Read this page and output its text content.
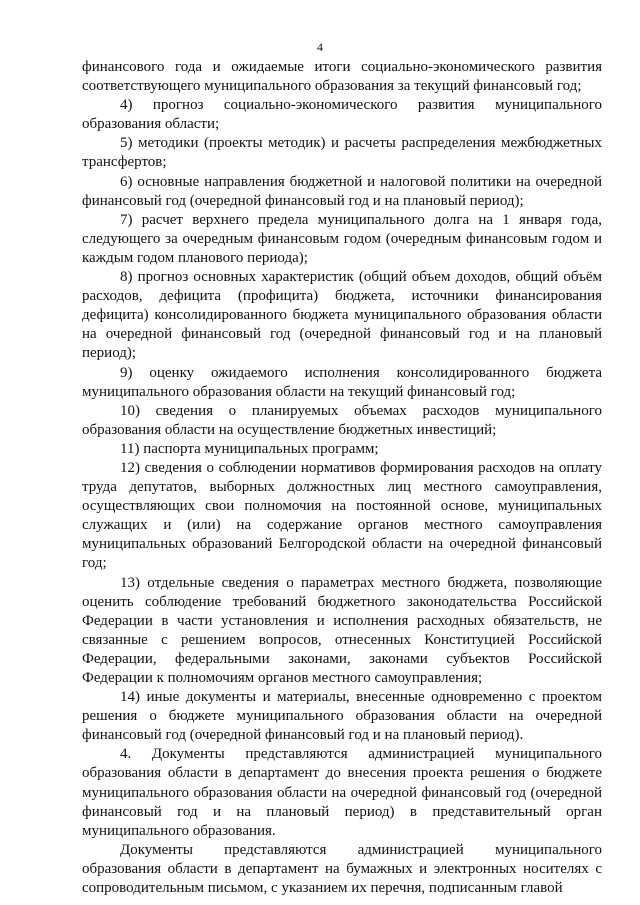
4

финансового года и ожидаемые итоги социально-экономического развития соответствующего муниципального образования за текущий финансовый год;

4) прогноз социально-экономического развития муниципального образования области;

5) методики (проекты методик) и расчеты распределения межбюджетных трансфертов;

6) основные направления бюджетной и налоговой политики на очередной финансовый год (очередной финансовый год и на плановый период);

7) расчет верхнего предела муниципального долга на 1 января года, следующего за очередным финансовым годом (очередным финансовым годом и каждым годом планового периода);

8) прогноз основных характеристик (общий объем доходов, общий объём расходов, дефицита (профицита) бюджета, источники финансирования дефицита) консолидированного бюджета муниципального образования области на очередной финансовый год (очередной финансовый год и на плановый период);

9) оценку ожидаемого исполнения консолидированного бюджета муниципального образования области на текущий финансовый год;

10) сведения о планируемых объемах расходов муниципального образования области на осуществление бюджетных инвестиций;

11) паспорта муниципальных программ;

12) сведения о соблюдении нормативов формирования расходов на оплату труда депутатов, выборных должностных лиц местного самоуправления, осуществляющих свои полномочия на постоянной основе, муниципальных служащих и (или) на содержание органов местного самоуправления муниципальных образований Белгородской области на очередной финансовый год;

13) отдельные сведения о параметрах местного бюджета, позволяющие оценить соблюдение требований бюджетного законодательства Российской Федерации в части установления и исполнения расходных обязательств, не связанные с решением вопросов, отнесенных Конституцией Российской Федерации, федеральными законами, законами субъектов Российской Федерации к полномочиям органов местного самоуправления;

14) иные документы и материалы, внесенные одновременно с проектом решения о бюджете муниципального образования области на очередной финансовый год (очередной финансовый год и на плановый период).

4. Документы представляются администрацией муниципального образования области в департамент до внесения проекта решения о бюджете муниципального образования области на очередной финансовый год (очередной финансовый год и на плановый период) в представительный орган муниципального образования.

Документы представляются администрацией муниципального образования области в департамент на бумажных и электронных носителях с сопроводительным письмом, с указанием их перечня, подписанным главой
